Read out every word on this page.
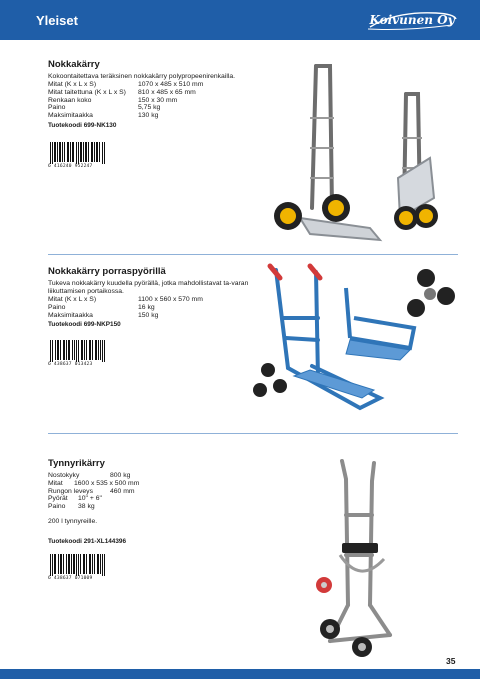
Yleiset	Koivunen Oy
Nokkakärry
Kokoontaitettava teräksinen nokkakärry polypropeenirenkailla.
Mitat (K x L x S)	1070 x 485 x 510 mm
Mitat taitettuna (K x L x S)	810 x 485 x 65 mm
Renkaan koko	150 x 30 mm
Paino	5,75 kg
Maksimitaakka	130 kg
Tuotekoodi 699-NK130
6 416240 952247
Nokkakärry porraspyörillä
Tukeva nokkakärry kuudella pyörällä, jotka mahdollistavat ta-varan liikuttamisen portaikossa.
Mitat (K x L x S)	1100 x 560 x 570 mm
Paino	16 kg
Maksimitaakka	150 kg
Tuotekoodi 699-NKP150
6 438637 013423
Tynnyrikärry
Nostokyky	800 kg
Mitat	1600 x 535 x 500 mm
Rungon leveys	460 mm
Pyörät	10" + 6"
Paino	38 kg
200 l tynnyreille.
Tuotekoodi 291-XL144396
6 438637 071009
35
